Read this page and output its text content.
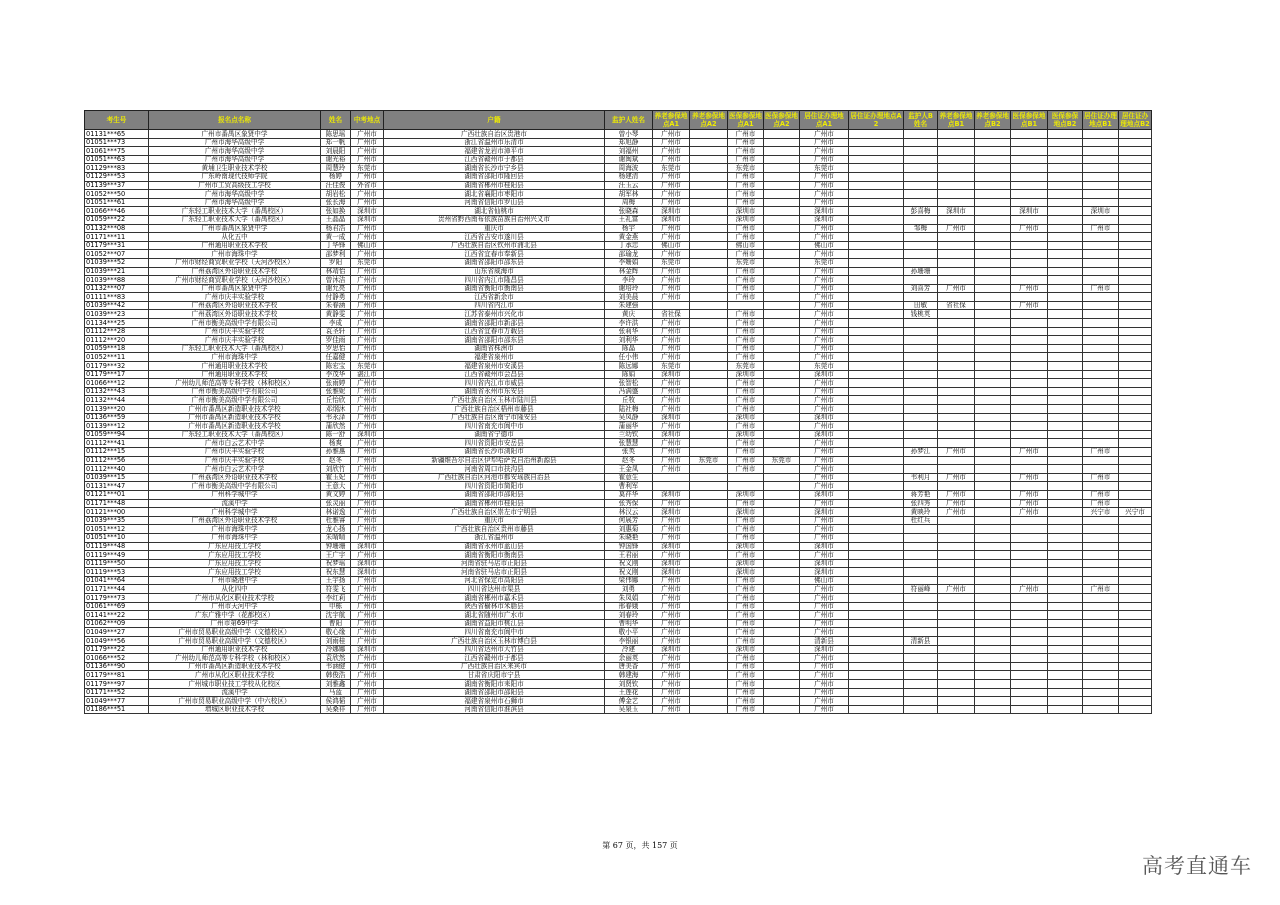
考生号	报名点名称	姓名	中考地点	户籍	监护人姓名	养老参保地点A1	养老参保地点A2	医保参保地点A1	医保参保地点A2	居住证办理地点A1	居住证办理地点A2	监护人B姓名	养老参保地点B1	养老参保地点B2	医保参保地点B1	医保参保地点B2	居住证办理地点B1	居住证办理地点B2
01131***65	广州市番禺区象贤中学	陈思瑶	广州市	广西壮族自治区贵港市	曾小琴	广州市		广州市		广州市								
01051***73	广州市海华高级中学	郑一帆	广州市	浙江省温州市乐清市	郑旭静	广州市		广州市		广州市								
01061***75	广州市海华高级中学	刘晨阳	广州市	福建省龙岩市漳平市	刘福州	广州市		广州市		广州市								
01051***63	广州市海华高级中学	谢光裕	广州市	江西省赣州市于都县	谢闽斌	广州市		广州市		广州市								
01129***83	黄埔卫生职业技术学校	周慧玲	东莞市	湖南省长沙市宁乡县	周海波	东莞市		东莞市		东莞市								
01129***53	广东岭南现代技师学院	杨婷	广州市	湖南省邵阳市隆回县	杨建清	广州市		广州市		广州市								
01139***37	广州市工贸高级技工学校	汪佳俊	外省市	湖南省郴州市桂阳县	汪玉云	广州市		广州市		广州市								
01052***50	广州市海华高级中学	胡岩松	广州市	湖北省襄阳市枣阳市	胡军林	广州市		广州市		广州市								
01051***61	广州市海华高级中学	张长海	广州市	河南省信阳市罗山县	周梅	广州市		广州市		广州市								
01066***46	广东轻工职业技术大学（番禺校区）	张如换	深圳市	湖北省仙桃市	张晓森	深圳市		深圳市		深圳市		彭喜梅	深圳市		深圳市		深圳市	
01059***22	广东轻工职业技术大学（番禺校区）	王晶晶	深圳市	贵州省黔西南布依族苗族自治州兴义市	王礼富	深圳市		深圳市		深圳市								
01132***08	广州市番禺区象贤中学	杨君浩	广州市	重庆市	杨宇	广州市		广州市		广州市		邹梅	广州市		广州市		广州市	
01171***11	从化五中	黄一成	广州市	江西省吉安市遂川县	黄金燕	广州市		广州市		广州市								
01179***31	广州通用职业技术学校	丁华锋	佛山市	广西壮族自治区钦州市浦北县	丁承忠	佛山市		佛山市		佛山市								
01052***07	广州市海珠中学	邵梦利	广州市	江西省宜春市奉新县	邵瑜龙	广州市		广州市		广州市								
01039***52	广州市财经商贸职业学校（天河沙校区）	罗阳	东莞市	湖南省邵阳市邵东县	李姗娟	东莞市		东莞市		东莞市								
01039***21	广州荔湾区外语职业技术学校	林靖怡	广州市	山东省威海市	林金辉	广州市		广州市		广州市		孙珊珊						
01039***88	广州市财经商贸职业学校（天河沙校区）	曾沐洁	广州市	四川省内江市隆昌县	李玲	广州市		广州市		广州市								
01132***07	广州市番禺区象贤中学	谢允亮	广州市	湖南省衡阳市衡南县	谢培玲	广州市		广州市		广州市		刘喜芳	广州市		广州市		广州市	
01111***83	广州市庆丰实验学校	付静勇	广州市	江西省新余市	刘美晨	广州市		广州市		广州市								
01039***42	广州荔湾区外语职业技术学校	朱春涵	广州市	四川省内江市	朱建强					广州市		田敏	省社保		广州市			
01039***23	广州荔湾区外语职业技术学校	黄静雯	广州市	江苏省泰州市兴化市	黄庆	省社保		广州市		广州市		钱桃英						
01134***25	广州市衡美高级中学有限公司	李成	广州市	湖南省邵阳市新邵县	李许洪	广州市		广州市		广州市								
01112***28	广州市庆丰实验学校	袁圣轩	广州市	江西省宜春市万载县	张莉华	广州市		广州市		广州市								
01112***20	广州市庆丰实验学校	罗佳雨	广州市	湖南省邵阳市邵东县	刘利华	广州市		广州市		广州市								
01059***18	广东轻工职业技术大学（番禺校区）	罗思怡	广州市	湖南省株洲市	陈晶	广州市		广州市		广州市								
01052***11	广州市海珠中学	任嘉健	广州市	福建省泉州市	任小伟	广州市		广州市		广州市								
01179***32	广州通用职业技术学校	陈宏宝	东莞市	福建省泉州市安溪县	陈远娜	东莞市		东莞市		东莞市								
01179***17	广州通用职业技术学校	李茂华	湛江市	江西省赣州市会昌县	陈娟	深圳市		深圳市		深圳市								
01066***12	广州幼儿师范高等专科学校（林和校区）	张雨婷	广州市	四川省内江市市威县	张智松	广州市		广州市		广州市								
01132***43	广州市衡美高级中学有限公司	张雅妮	广州市	湖南省永州市东安县	冯满盛	广州市		广州市		广州市								
01132***44	广州市衡美高级中学有限公司	丘怡欣	广州市	广西壮族自治区玉林市陆川县	丘牧	广州市		广州市		广州市								
01139***20	广州市番禺区新造职业技术学校	邓纲沐	广州市	广西壮族自治区梧州市藤县	陆社梅	广州市		广州市		广州市								
01136***59	广州市番禺区新造职业技术学校	韦永泽	广州市	广西壮族自治区南宁市隆安县	吴凤静	深圳市		深圳市		深圳市								
01139***12	广州市番禺区新造职业技术学校	蒲欣然	广州市	四川省南充市阆中市	蒲丽华	广州市		广州市		广州市								
01059***94	广东轻工职业技术大学（番禺校区）	陈一舒	深圳市	湖南省宁德市	兰幼钦	深圳市		深圳市		深圳市								
01112***41	广州市白云艺术中学	杨爽	广州市	四川省资阳市安岳县	张慧慧	广州市		广州市		广州市								
01112***15	广州市庆丰实验学校	孙雅惠	广州市	湖南省长沙市浏阳市	张英	广州市		广州市		广州市		孙梦江	广州市		广州市		广州市	
01112***56	广州市庆丰实验学校	赵冬	广州市	新疆维吾尔自治区伊犁哈萨克自治州新源县	赵冬	广州市	东莞市	广州市	东莞市	广州市								
01112***40	广州市白云艺术中学	刘欣竹	广州市	河南省周口市扶沟县	王金凤	广州市		广州市		广州市								
01039***15	广州荔湾区外语职业技术学校	霍玉妃	广州市	广西壮族自治区河池市都安瑶族自治县	霍意生					广州市		韦利月	广州市		广州市		广州市	
01131***47	广州市衡美高级中学有限公司	王意大	广州市	四川省资阳市简阳市	曹利军					广州市								
01121***01	广州科学城中学	黄文婷	广州市	湖南省邵阳市邵阳县	莫祥华	深圳市		深圳市		深圳市		蒋芳艳	广州市		广州市		广州市	
01171***48	流溪中学	张灵丽	广州市	湖南省郴州市桂阳县	张秀保	广州市		广州市		广州市		张四秀	广州市		广州市		广州市	
01121***00	广州科学城中学	林诺逸	广州市	广西壮族自治区崇左市宁明县	林汉云	深圳市		深圳市		深圳市		黄映玲	广州市		广州市		兴宁市	兴宁市
01039***35	广州荔湾区外语职业技术学校	杜雅睿	广州市	重庆市	何展芳	广州市		广州市		广州市		杜红兵						
01051***12	广州市海珠中学	龙心扬	广州市	广西壮族自治区贵州市藤县	刘惠菊	广州市		广州市		广州市								
01051***10	广州市海珠中学	朱晴晴	广州市	浙江省温州市	朱晓艳	广州市		广州市		广州市								
01119***48	广东应用技工学校	钟珊珊	深圳市	湖南省永州市蓝山县	钟国锋	深圳市		深圳市		深圳市								
01119***49	广东应用技工学校	王广宇	广州市	湖南省衡阳市衡南县	王君丽	广州市		广州市		广州市								
01119***50	广东应用技工学校	祝梦瑶	深圳市	河南省驻马店市正阳县	祝义刚	深圳市		深圳市		深圳市								
01119***53	广东应用技工学校	祝东慧	深圳市	河南省驻马店市正阳县	祝义刚	深圳市		深圳市		深圳市								
01041***64	广州市晓港中学	王宇扬	广州市	河北省保定市高阳县	梁伟娜	广州市		广州市		佛山市								
01171***44	从化四中	符雯飞	广州市	四川省达州市渠县	刘勇	广州市		广州市		广州市		符丽峰	广州市		广州市		广州市	
01179***73	广州市从化区职业技术学校	李红莉	广州市	湖南省郴州市嘉禾县	朱凤娟	广州市		广州市		广州市								
01061***69	广州市天河中学	申栋	广州市	陕西省榆林市米脂县	邢春娥	广州市		广州市		广州市								
01141***22	广东广雅中学（花都校区）	沈宇航	广州市	湖北省随州市广水市	刘春玲	广州市		广州市		广州市								
01062***09	广州市第69中学	曹阳	广州市	湖南省益阳市桃江县	曹明华	广州市		广州市		广州市								
01049***27	广州市贸易职业高级中学（文德校区）	敬心缘	广州市	四川省南充市阆中市	敬小平	广州市		广州市		广州市								
01049***56	广州市贸易职业高级中学（文德校区）	刘雨桂	广州市	广西壮族自治区玉林市博白县	李银丽	广州市		广州市		清新县		清新县						
01179***22	广州通用职业技术学校	冷娜娜	深圳市	四川省达州市大竹县	冷建	深圳市		深圳市		深圳市								
01066***52	广州幼儿师范高等专科学校（林和校区）	袁欣然	广州市	江西省赣州市于都县	余丽英	广州市		广州市		广州市								
01136***90	广州市番禺区新造职业技术学校	韦涵健	广州市	广西壮族自治区来宾市	唐美香	广州市		广州市		广州市								
01179***81	广州市从化区职业技术学校	韩俊浩	广州市	甘肃省庆阳市宁县	韩建海	广州市		广州市		广州市								
01179***97	广州城市职业技工学校从化校区	刘雅鑫	广州市	湖南省衡阳市耒阳市	刘贤钦	广州市		广州市		广州市								
01171***52	流溪中学	马蓝	广州市	湖南省邵阳市邵阳县	王莲花	广州市		广州市		广州市								
01049***77	广州市贸易职业高级中学（中六校区）	侯鸿韬	广州市	福建省泉州市石狮市	傅金艺	广州市		广州市		广州市								
01186***51	增城区职业技术学校	吴桑祥	广州市	河南省信阳市淮滨县	吴泉玉	广州市		广州市		广州市								
第 67 页，共 157 页
高考直通车
